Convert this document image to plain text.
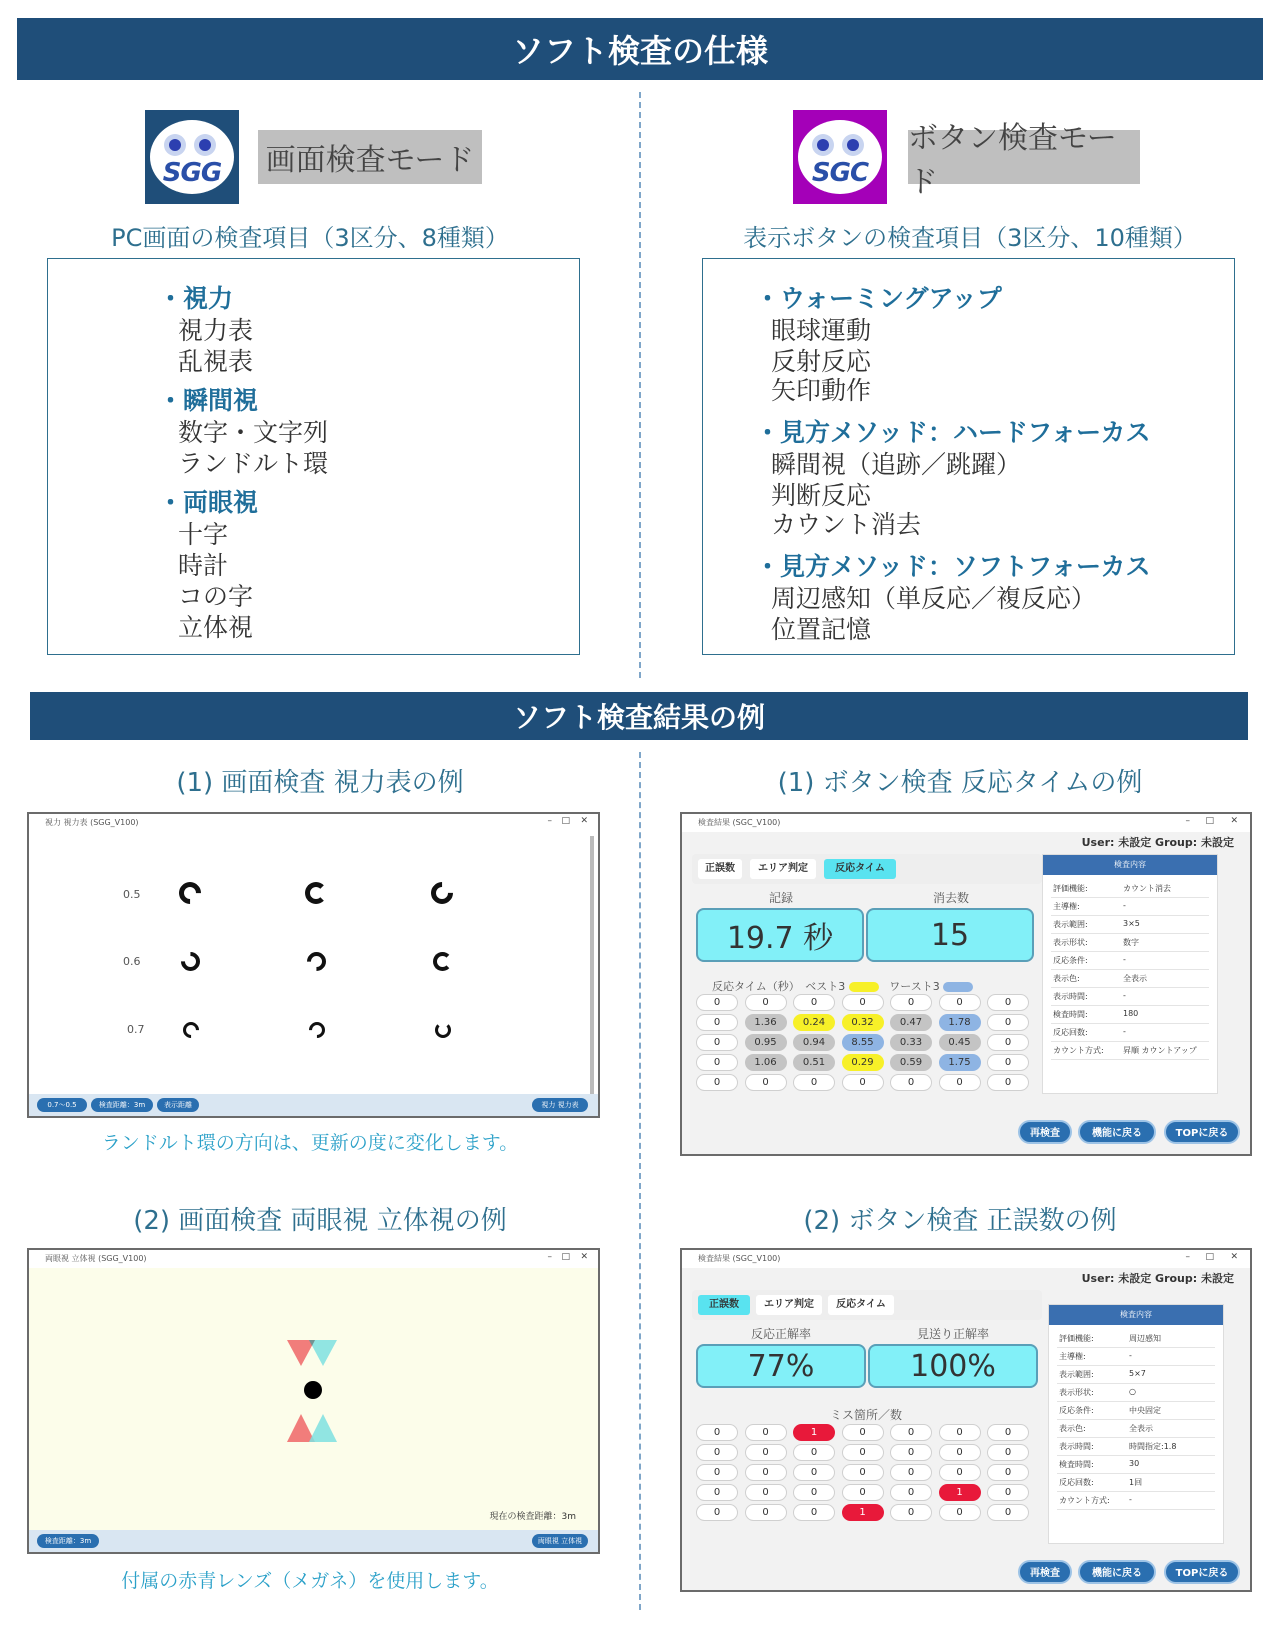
ソフト検査の仕様
SGG	画面検査モード
PC画面の検査項目（3区分、8種類）
・視力
視力表
乱視表
・瞬間視
数字・文字列
ランドルト環
・両眼視
十字
時計
コの字
立体視
SGC
ボタン検査モード
表示ボタンの検査項目（3区分、10種類）
・ウォーミングアップ
眼球運動
反射反応
矢印動作
・見方メソッド：ハードフォーカス
瞬間視（追跡／跳躍）
判断反応
カウント消去
・見方メソッド：ソフトフォーカス
周辺感知（単反応／複反応）
位置記憶
ソフト検査結果の例
(1) 画面検査 視力表の例
視力 視力表 (SGG_V100)	– □ ✕
0.5
0.6
0.7
0.7～0.5	検査距離：3m	表示距離	視力 視力表
ランドルト環の方向は、更新の度に変化します。
(2) 画面検査 両眼視 立体視の例
両眼視 立体視 (SGG_V100)	– □ ✕
現在の検査距離：3m
検査距離：3m	両眼視 立体視
付属の赤青レンズ（メガネ）を使用します。
(1) ボタン検査 反応タイムの例
検査結果 (SGC_V100)	– □ ✕
User: 未設定 Group: 未設定
正誤数	エリア判定	反応タイム
記録	消去数
19.7 秒	15
反応タイム（秒）　ベスト3	ワースト3
0	0	0	0	0	0	0
0	1.36	0.24	0.32	0.47	1.78	0
0	0.95	0.94	8.55	0.33	0.45	0
0	1.06	0.51	0.29	0.59	1.75	0
0	0	0	0	0	0	0
検査内容
評価機能:	カウント消去
主導権:	-
表示範囲:	3×5
表示形状:	数字
反応条件:	-
表示色:	全表示
表示時間:	-
検査時間:	180
反応回数:	-
カウント方式: 昇順 カウントアップ
再検査	機能に戻る	TOPに戻る
(2) ボタン検査 正誤数の例
検査結果 (SGC_V100)	– □ ✕
User: 未設定 Group: 未設定
正誤数	エリア判定	反応タイム
反応正解率	見送り正解率
77%	100%
ミス箇所／数
0	0	1	0	0	0	0
0	0	0	0	0	0	0
0	0	0	0	0	0	0
0	0	0	0	0	1	0
0	0	0	1	0	0	0
検査内容
評価機能:	周辺感知
主導権:	-
表示範囲:	5×7
表示形状:	○
反応条件:	中央固定
表示色:	全表示
表示時間:	時間指定:1.8
検査時間:	30
反応回数:	1回
カウント方式: -
再検査	機能に戻る	TOPに戻る
